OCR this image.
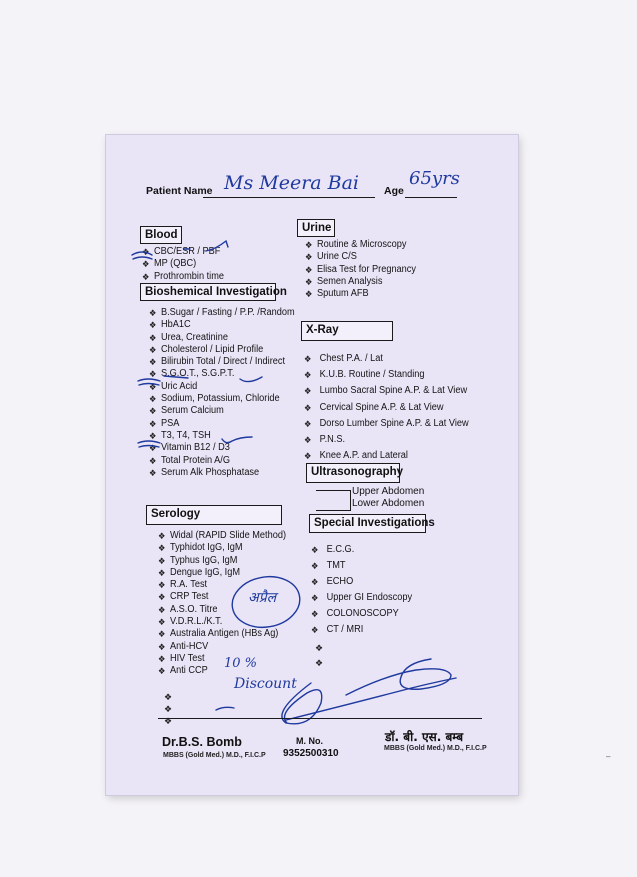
Patient Name Ms Meera Bai Age
65yrs
Blood
❖ CBC/ESR / PBF
❖ MP (QBC)
❖ Prothrombin time
Bioshemical Investigation
❖ B.Sugar / Fasting / P.P. /Random
❖ HbA1C
❖ Urea, Creatinine
❖ Cholesterol / Lipid Profile
❖ Bilirubin Total / Direct / Indirect
❖ S.G.O.T., S.G.P.T.
❖ Uric Acid
❖ Sodium, Potassium, Chloride
❖ Serum Calcium
❖ PSA
❖ T3, T4, TSH
❖ Vitamin B12 / D3
❖ Total Protein A/G
❖ Serum Alk Phosphatase
Serology
❖ Widal (RAPID Slide Method)
❖ Typhidot IgG, IgM
❖ Typhus IgG, IgM
❖ Dengue IgG, IgM
❖ R.A. Test
❖ CRP Test
❖ A.S.O. Titre
❖ V.D.R.L./K.T.
❖ Australia Antigen (HBs Ag)
❖ Anti-HCV
❖ HIV Test
❖ Anti CCP
❖
❖
❖
Urine
❖ Routine & Microscopy
❖ Urine C/S
❖ Elisa Test for Pregnancy
❖ Semen Analysis
❖ Sputum AFB
X-Ray
❖ Chest P.A. / Lat
❖ K.U.B. Routine / Standing
❖ Lumbo Sacral Spine A.P. & Lat View
❖ Cervical Spine A.P. & Lat View
❖ Dorso Lumber Spine A.P. & Lat View
❖ P.N.S.
❖ Knee A.P. and Lateral
Ultrasonography
Upper Abdomen
Lower Abdomen
Special Investigations
❖ E.C.G.
❖ TMT
❖ ECHO
❖ Upper GI Endoscopy
❖ COLONOSCOPY
❖ CT / MRI
❖
❖
अप्रैल
10 %
Discount
Dr.B.S. Bomb
MBBS (Gold Med.) M.D., F.I.C.P
M. No.
9352500310
डॉ. बी. एस. बम्ब
MBBS (Gold Med.) M.D., F.I.C.P
–
